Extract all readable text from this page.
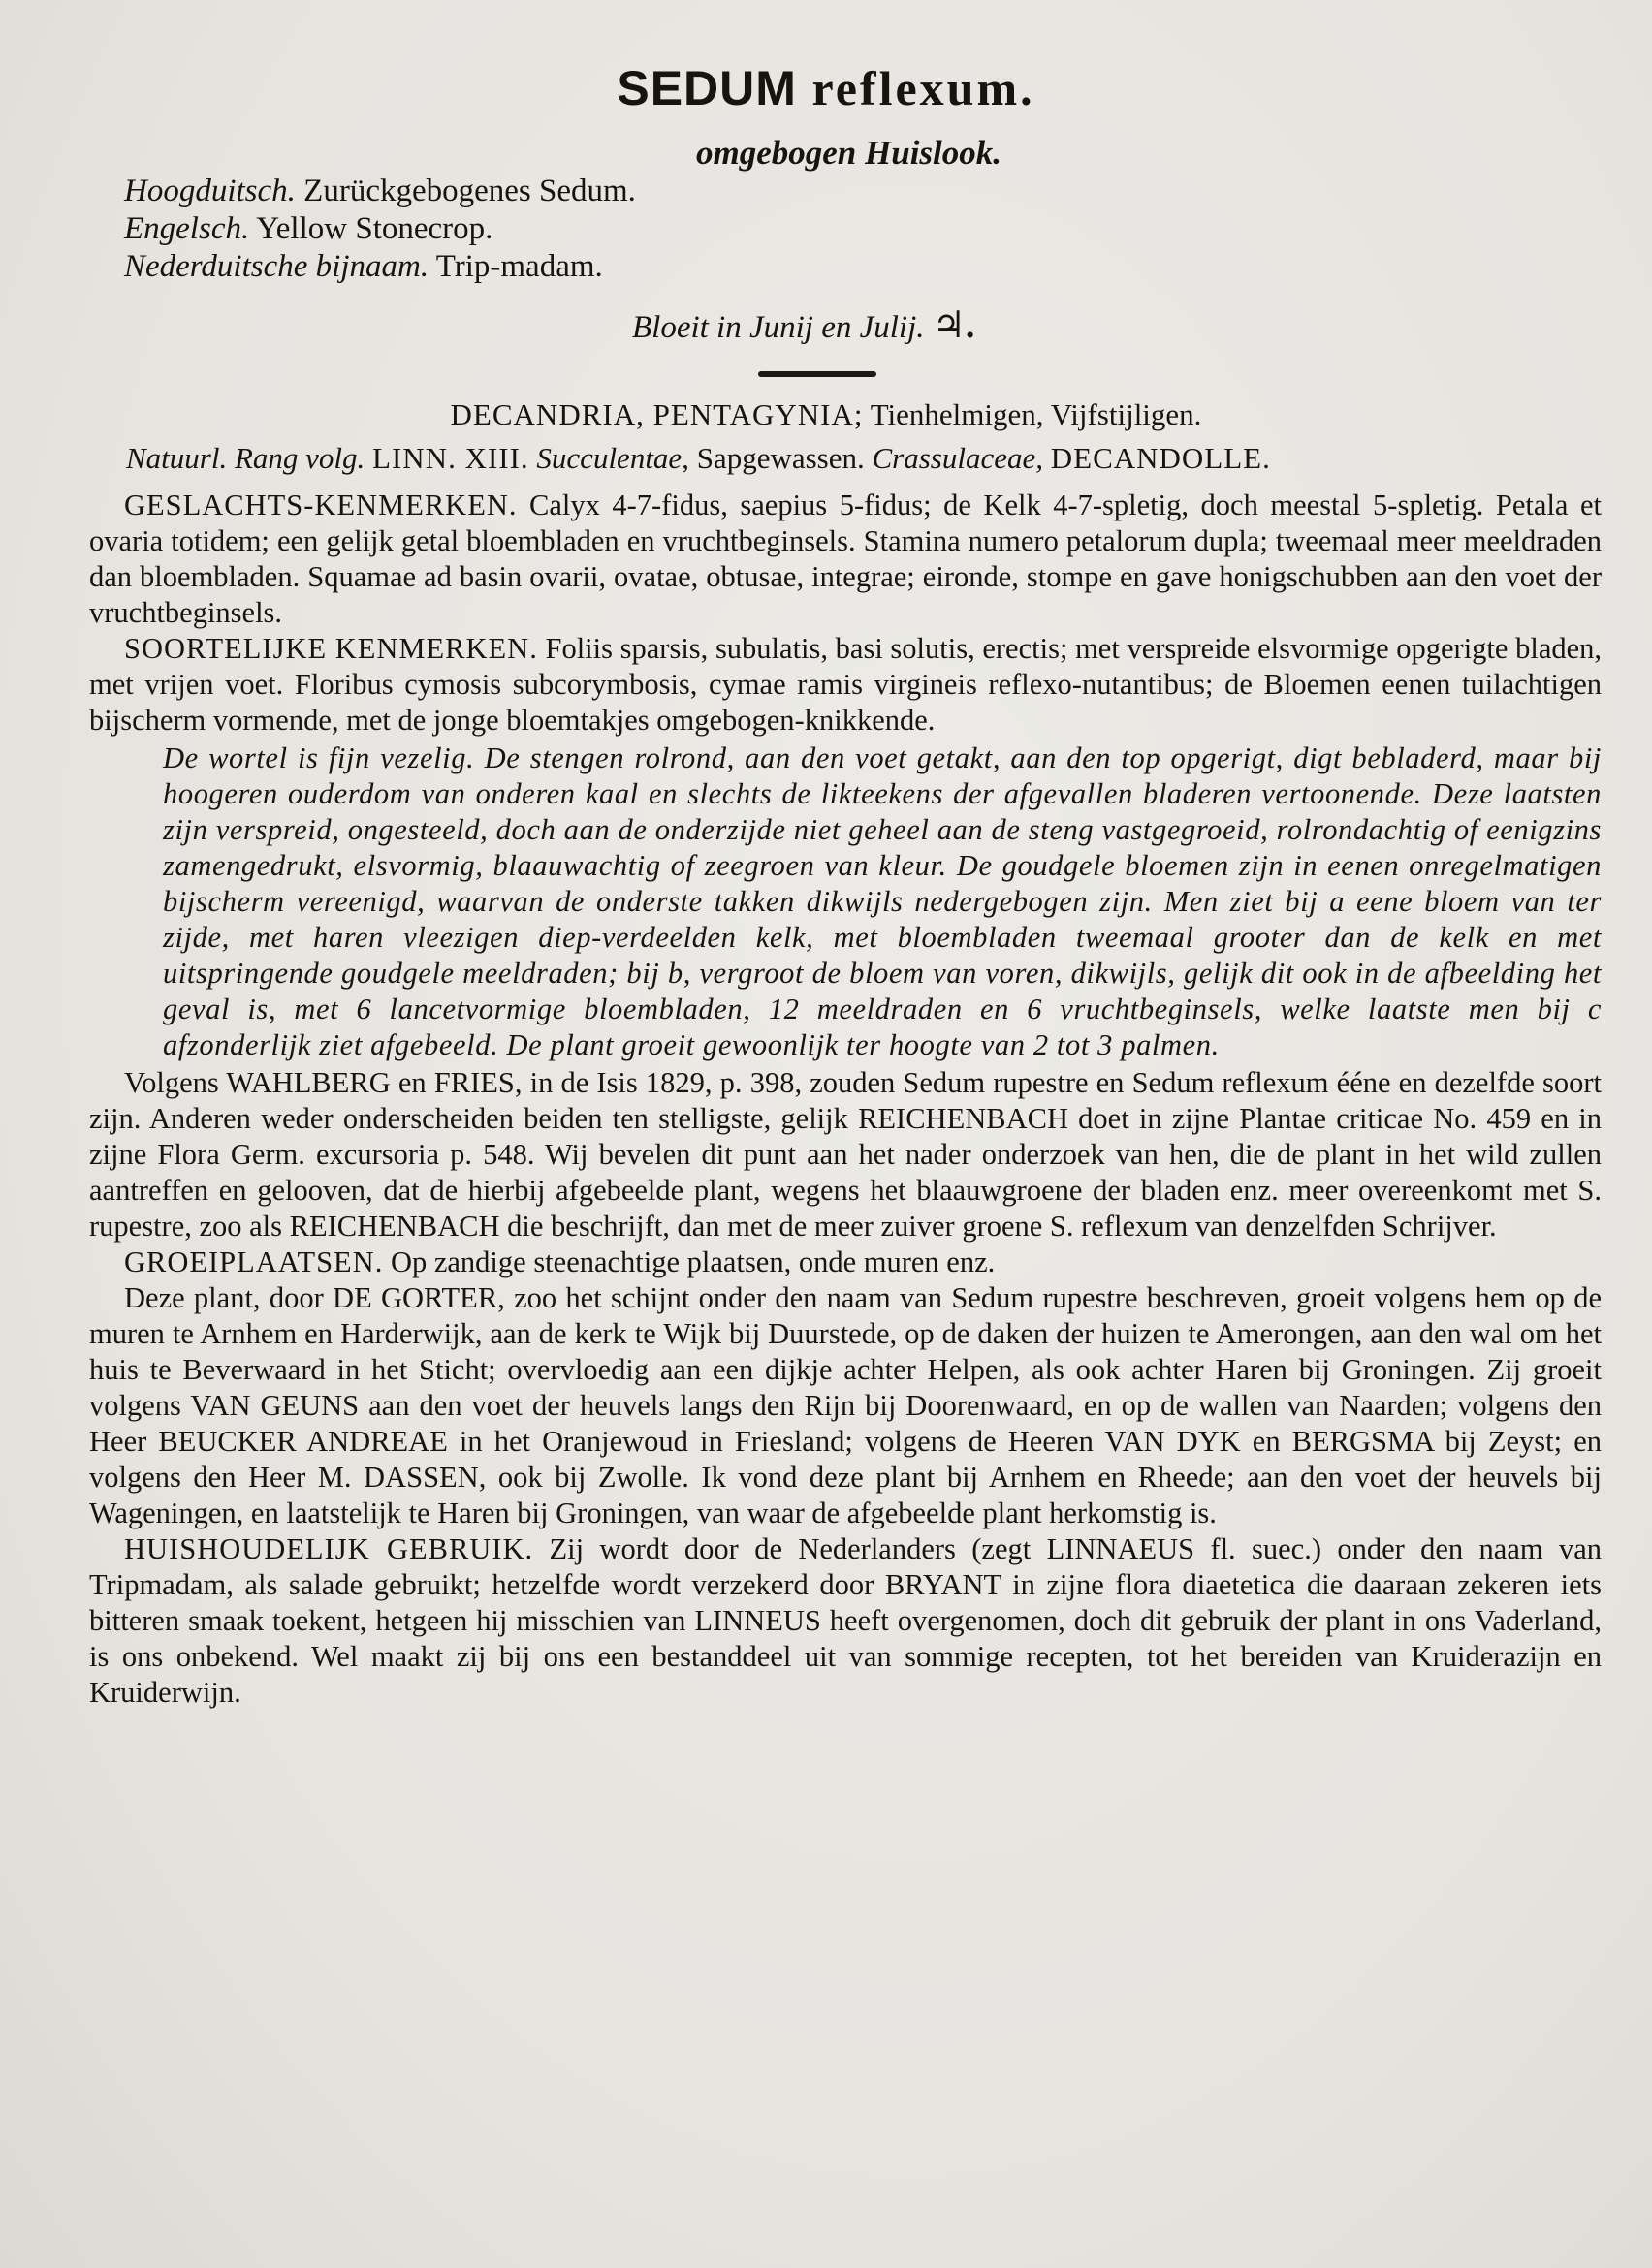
SEDUM reflexum.
omgebogen Huislook.
Hoogduitsch. Zurückgebogenes Sedum.
Engelsch. Yellow Stonecrop.
Nederduitsche bijnaam. Trip-madam.
Bloeit in Junij en Julij. ♃.
DECANDRIA, PENTAGYNIA; Tienhelmigen, Vijfstijligen.
Natuurl. Rang volg. LINN. XIII. Succulentae, Sapgewassen. Crassulaceae, DECANDOLLE.

GESLACHTS-KENMERKEN. Calyx 4-7-fidus, saepius 5-fidus; de Kelk 4-7-spletig, doch meestal 5-spletig. Petala et ovaria totidem; een gelijk getal bloembladen en vruchtbeginsels. Stamina numero petalorum dupla; tweemaal meer meeldraden dan bloembladen. Squamae ad basin ovarii, ovatae, obtusae, integrae; eironde, stompe en gave honigschubben aan den voet der vruchtbeginsels.

SOORTELIJKE KENMERKEN. Foliis sparsis, subulatis, basi solutis, erectis; met verspreide elsvormige opgerigte bladen, met vrijen voet. Floribus cymosis subcorymbosis, cymae ramis virgineis reflexo-nutantibus; de Bloemen eenen tuilachtigen bijscherm vormende, met de jonge bloemtakjes omgebogen-knikkende.

De wortel is fijn vezelig. De stengen rolrond, aan den voet getakt, aan den top opgerigt, digt bebladerd, maar bij hoogeren ouderdom van onderen kaal en slechts de likteekens der afgevallen bladeren vertoonende. Deze laatsten zijn verspreid, ongesteeld, doch aan de onderzijde niet geheel aan de steng vastgegroeid, rolrondachtig of eenigzins zamengedrukt, elsvormig, blaauwachtig of zeegroen van kleur. De goudgele bloemen zijn in eenen onregelmatigen bijscherm vereenigd, waarvan de onderste takken dikwijls nedergebogen zijn. Men ziet bij a eene bloem van ter zijde, met haren vleezigen diep-verdeelden kelk, met bloembladen tweemaal grooter dan de kelk en met uitspringende goudgele meeldraden; bij b, vergroot de bloem van voren, dikwijls, gelijk dit ook in de afbeelding het geval is, met 6 lancetvormige bloembladen, 12 meeldraden en 6 vruchtbeginsels, welke laatste men bij c afzonderlijk ziet afgebeeld. De plant groeit gewoonlijk ter hoogte van 2 tot 3 palmen.

Volgens WAHLBERG en FRIES, in de Isis 1829, p. 398, zouden Sedum rupestre en Sedum reflexum ééne en dezelfde soort zijn. Anderen weder onderscheiden beiden ten stelligste, gelijk REICHENBACH doet in zijne Plantae criticae No. 459 en in zijne Flora Germ. excursoria p. 548. Wij bevelen dit punt aan het nader onderzoek van hen, die de plant in het wild zullen aantreffen en gelooven, dat de hierbij afgebeelde plant, wegens het blaauwgroene der bladen enz. meer overeenkomt met S. rupestre, zoo als REICHENBACH die beschrijft, dan met de meer zuiver groene S. reflexum van denzelfden Schrijver.

GROEIPLAATSEN. Op zandige steenachtige plaatsen, onde muren enz.

Deze plant, door DE GORTER, zoo het schijnt onder den naam van Sedum rupestre beschreven, groeit volgens hem op de muren te Arnhem en Harderwijk, aan de kerk te Wijk bij Duurstede, op de daken der huizen te Amerongen, aan den wal om het huis te Beverwaard in het Sticht; overvloedig aan een dijkje achter Helpen, als ook achter Haren bij Groningen. Zij groeit volgens VAN GEUNS aan den voet der heuvels langs den Rijn bij Doorenwaard, en op de wallen van Naarden; volgens den Heer BEUCKER ANDREAE in het Oranjewoud in Friesland; volgens de Heeren VAN DYK en BERGSMA bij Zeyst; en volgens den Heer M. DASSEN, ook bij Zwolle. Ik vond deze plant bij Arnhem en Rheede; aan den voet der heuvels bij Wageningen, en laatstelijk te Haren bij Groningen, van waar de afgebeelde plant herkomstig is.

HUISHOUDELIJK GEBRUIK. Zij wordt door de Nederlanders (zegt LINNAEUS fl. suec.) onder den naam van Tripmadam, als salade gebruikt; hetzelfde wordt verzekerd door BRYANT in zijne flora diaetetica die daaraan zekeren iets bitteren smaak toekent, hetgeen hij misschien van LINNEUS heeft overgenomen, doch dit gebruik der plant in ons Vaderland, is ons onbekend. Wel maakt zij bij ons een bestanddeel uit van sommige recepten, tot het bereiden van Kruiderazijn en Kruiderwijn.
